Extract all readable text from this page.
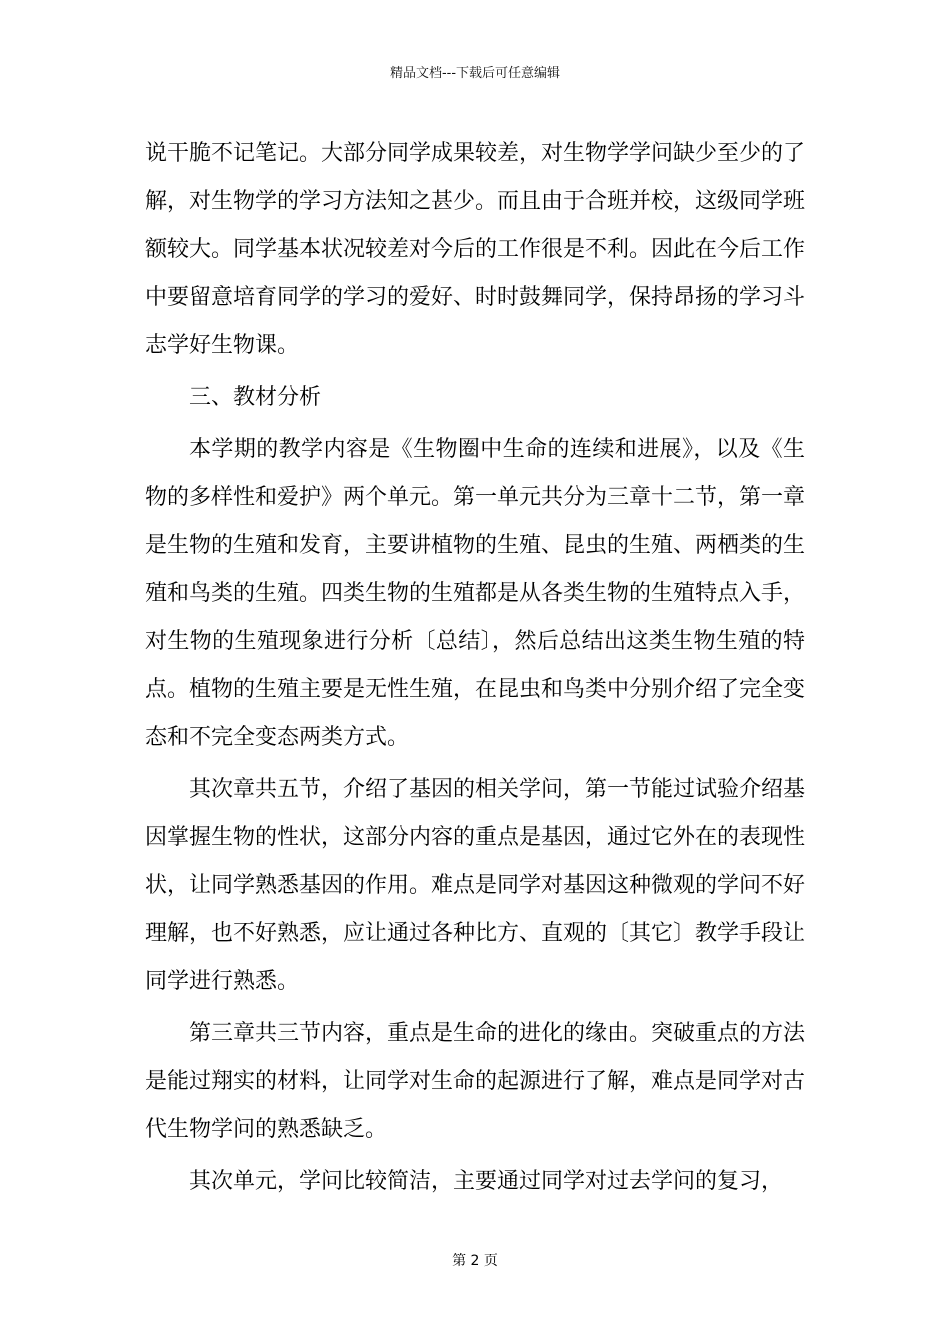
精品文档---下载后可任意编辑

说干脆不记笔记。大部分同学成果较差，对生物学学问缺少至少的了解，对生物学的学习方法知之甚少。而且由于合班并校，这级同学班额较大。同学基本状况较差对今后的工作很是不利。因此在今后工作中要留意培育同学的学习的爱好、时时鼓舞同学，保持昂扬的学习斗志学好生物课。

三、教材分析

本学期的教学内容是《生物圈中生命的连续和进展》，以及《生物的多样性和爱护》两个单元。第一单元共分为三章十二节，第一章是生物的生殖和发育，主要讲植物的生殖、昆虫的生殖、两栖类的生殖和鸟类的生殖。四类生物的生殖都是从各类生物的生殖特点入手，对生物的生殖现象进行分析〔总结〕，然后总结出这类生物生殖的特点。植物的生殖主要是无性生殖，在昆虫和鸟类中分别介绍了完全变态和不完全变态两类方式。

其次章共五节，介绍了基因的相关学问，第一节能过试验介绍基因掌握生物的性状，这部分内容的重点是基因，通过它外在的表现性状，让同学熟悉基因的作用。难点是同学对基因这种微观的学问不好理解，也不好熟悉，应让通过各种比方、直观的〔其它〕教学手段让同学进行熟悉。

第三章共三节内容，重点是生命的进化的缘由。突破重点的方法是能过翔实的材料，让同学对生命的起源进行了解，难点是同学对古代生物学问的熟悉缺乏。

其次单元，学问比较简洁，主要通过同学对过去学问的复习，

第 2 页
